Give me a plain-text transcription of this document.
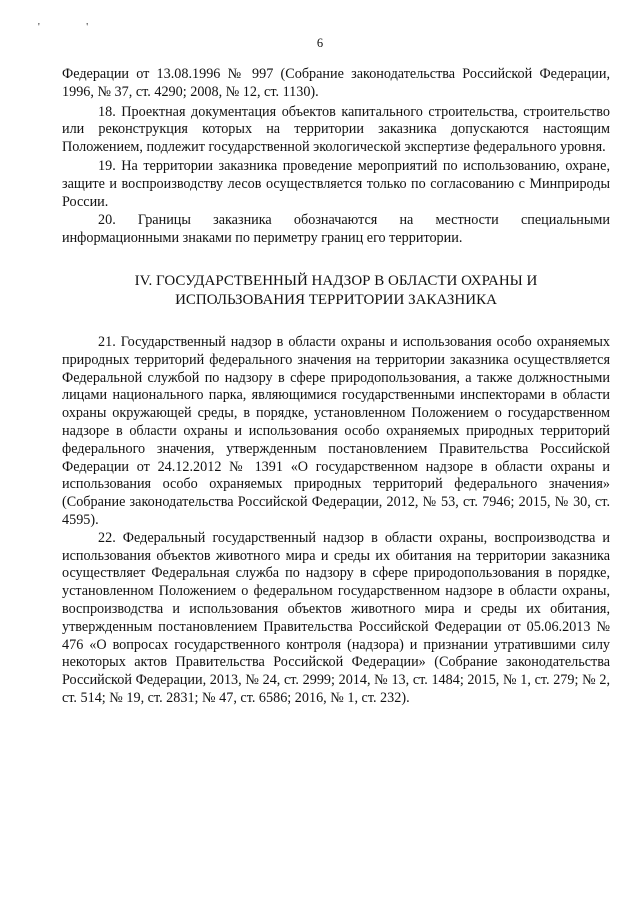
' '
6

Федерации от 13.08.1996 № 997 (Собрание законодательства Российской Федерации, 1996, № 37, ст. 4290; 2008, № 12, ст. 1130).

18. Проектная документация объектов капитального строительства, строительство или реконструкция которых на территории заказника допускаются настоящим Положением, подлежит государственной экологической экспертизе федерального уровня.

19. На территории заказника проведение мероприятий по использованию, охране, защите и воспроизводству лесов осуществляется только по согласованию с Минприроды России.

20. Границы заказника обозначаются на местности специальными информационными знаками по периметру границ его территории.

IV. ГОСУДАРСТВЕННЫЙ НАДЗОР В ОБЛАСТИ ОХРАНЫ И
ИСПОЛЬЗОВАНИЯ ТЕРРИТОРИИ ЗАКАЗНИКА

21. Государственный надзор в области охраны и использования особо охраняемых природных территорий федерального значения на территории заказника осуществляется Федеральной службой по надзору в сфере природопользования, а также должностными лицами национального парка, являющимися государственными инспекторами в области охраны окружающей среды, в порядке, установленном Положением о государственном надзоре в области охраны и использования особо охраняемых природных территорий федерального значения, утвержденным постановлением Правительства Российской Федерации от 24.12.2012 № 1391 «О государственном надзоре в области охраны и использования особо охраняемых природных территорий федерального значения» (Собрание законодательства Российской Федерации, 2012, № 53, ст. 7946; 2015, № 30, ст. 4595).

22. Федеральный государственный надзор в области охраны, воспроизводства и использования объектов животного мира и среды их обитания на территории заказника осуществляет Федеральная служба по надзору в сфере природопользования в порядке, установленном Положением о федеральном государственном надзоре в области охраны, воспроизводства и использования объектов животного мира и среды их обитания, утвержденным постановлением Правительства Российской Федерации от 05.06.2013 № 476 «О вопросах государственного контроля (надзора) и признании утратившими силу некоторых актов Правительства Российской Федерации» (Собрание законодательства Российской Федерации, 2013, № 24, ст. 2999; 2014, № 13, ст. 1484; 2015, № 1, ст. 279; № 2, ст. 514; № 19, ст. 2831; № 47, ст. 6586; 2016, № 1, ст. 232).
